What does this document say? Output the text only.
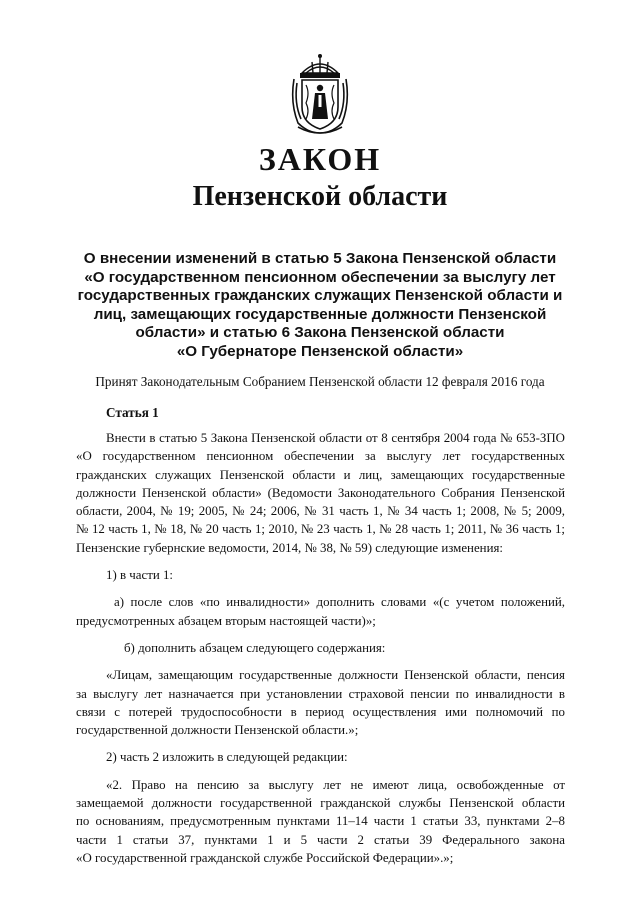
ЗАКОН
Пензенской области
О внесении изменений в статью 5 Закона Пензенской области
«О государственном пенсионном обеспечении за выслугу лет
государственных гражданских служащих Пензенской области и
лиц, замещающих государственные должности Пензенской
области» и статью 6 Закона Пензенской области
«О Губернаторе Пензенской области»
Принят Законодательным Собранием Пензенской области 12 февраля 2016 года
Статья 1
Внести в статью 5 Закона Пензенской области от 8 сентября 2004 года № 653-ЗПО
«О государственном пенсионном обеспечении за выслугу лет государственных
гражданских служащих Пензенской области и лиц, замещающих государственные
должности Пензенской области» (Ведомости Законодательного Собрания Пензенской
области, 2004, № 19; 2005, № 24; 2006, № 31 часть 1, № 34 часть 1; 2008, № 5; 2009,
№ 12 часть 1, № 18, № 20 часть 1; 2010, № 23 часть 1, № 28 часть 1; 2011, № 36 часть 1;
Пензенские губернские ведомости, 2014, № 38, № 59) следующие изменения:
1) в части 1:
а) после слов «по инвалидности» дополнить словами «(с учетом положений,
предусмотренных абзацем вторым настоящей части)»;
б) дополнить абзацем следующего содержания:
«Лицам, замещающим государственные должности Пензенской области, пенсия
за выслугу лет назначается при установлении страховой пенсии по инвалидности в
связи с потерей трудоспособности в период осуществления ими полномочий по
государственной должности Пензенской области.»;
2) часть 2 изложить в следующей редакции:
«2. Право на пенсию за выслугу лет не имеют лица, освобожденные от
замещаемой должности государственной гражданской службы Пензенской области
по основаниям, предусмотренным пунктами 11–14 части 1 статьи 33, пунктами 2–8
части 1 статьи 37, пунктами 1 и 5 части 2 статьи 39 Федерального закона
«О государственной гражданской службе Российской Федерации».»;
